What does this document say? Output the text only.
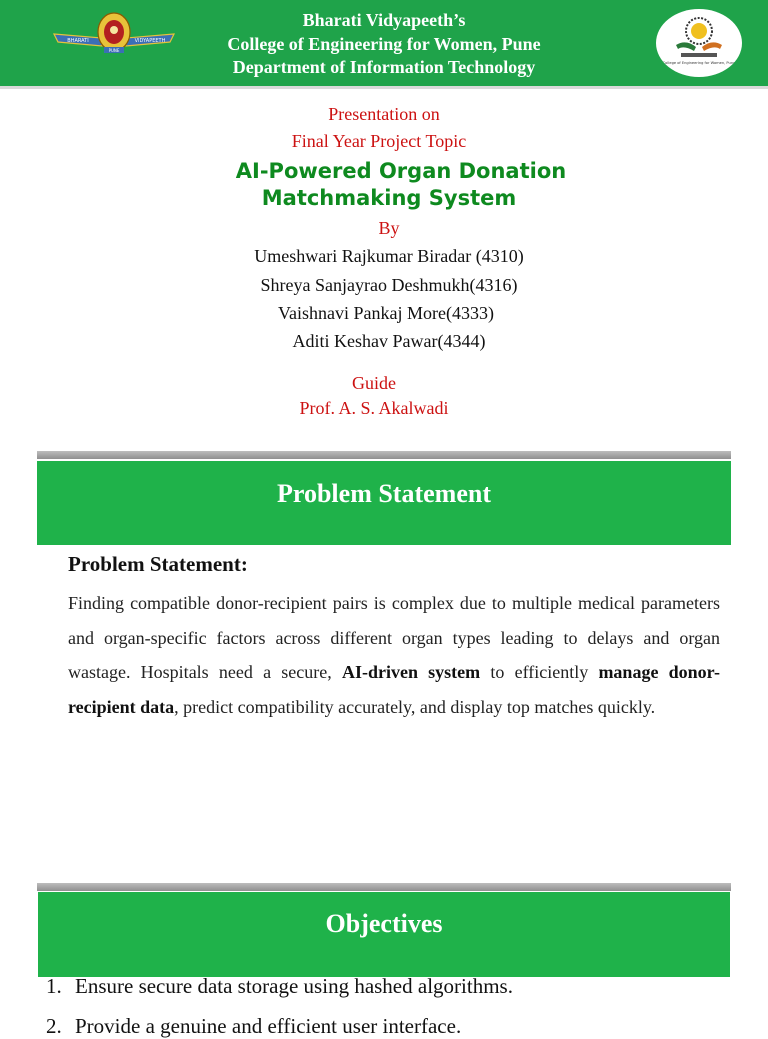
BHARATI	VIDYAPEETH
PUNE
Bharati Vidyapeeth’s
College of Engineering for Women, Pune
Department of Information Technology	College of Engineering for Women, Pune
Presentation on
Final Year Project Topic
AI-Powered Organ Donation
Matchmaking System
By
Umeshwari Rajkumar Biradar (4310)
Shreya Sanjayrao Deshmukh(4316)
Vaishnavi Pankaj More(4333)
Aditi Keshav Pawar(4344)
Guide
Prof. A. S. Akalwadi
Problem Statement
Problem Statement:
Finding compatible donor-recipient pairs is complex due to multiple medical parameters and organ-specific factors across different organ types leading to delays and organ wastage. Hospitals need a secure, AI-driven system to efficiently manage donor-recipient data, predict compatibility accurately, and display top matches quickly.
Objectives
1. Ensure secure data storage using hashed algorithms.
2. Provide a genuine and efficient user interface.
